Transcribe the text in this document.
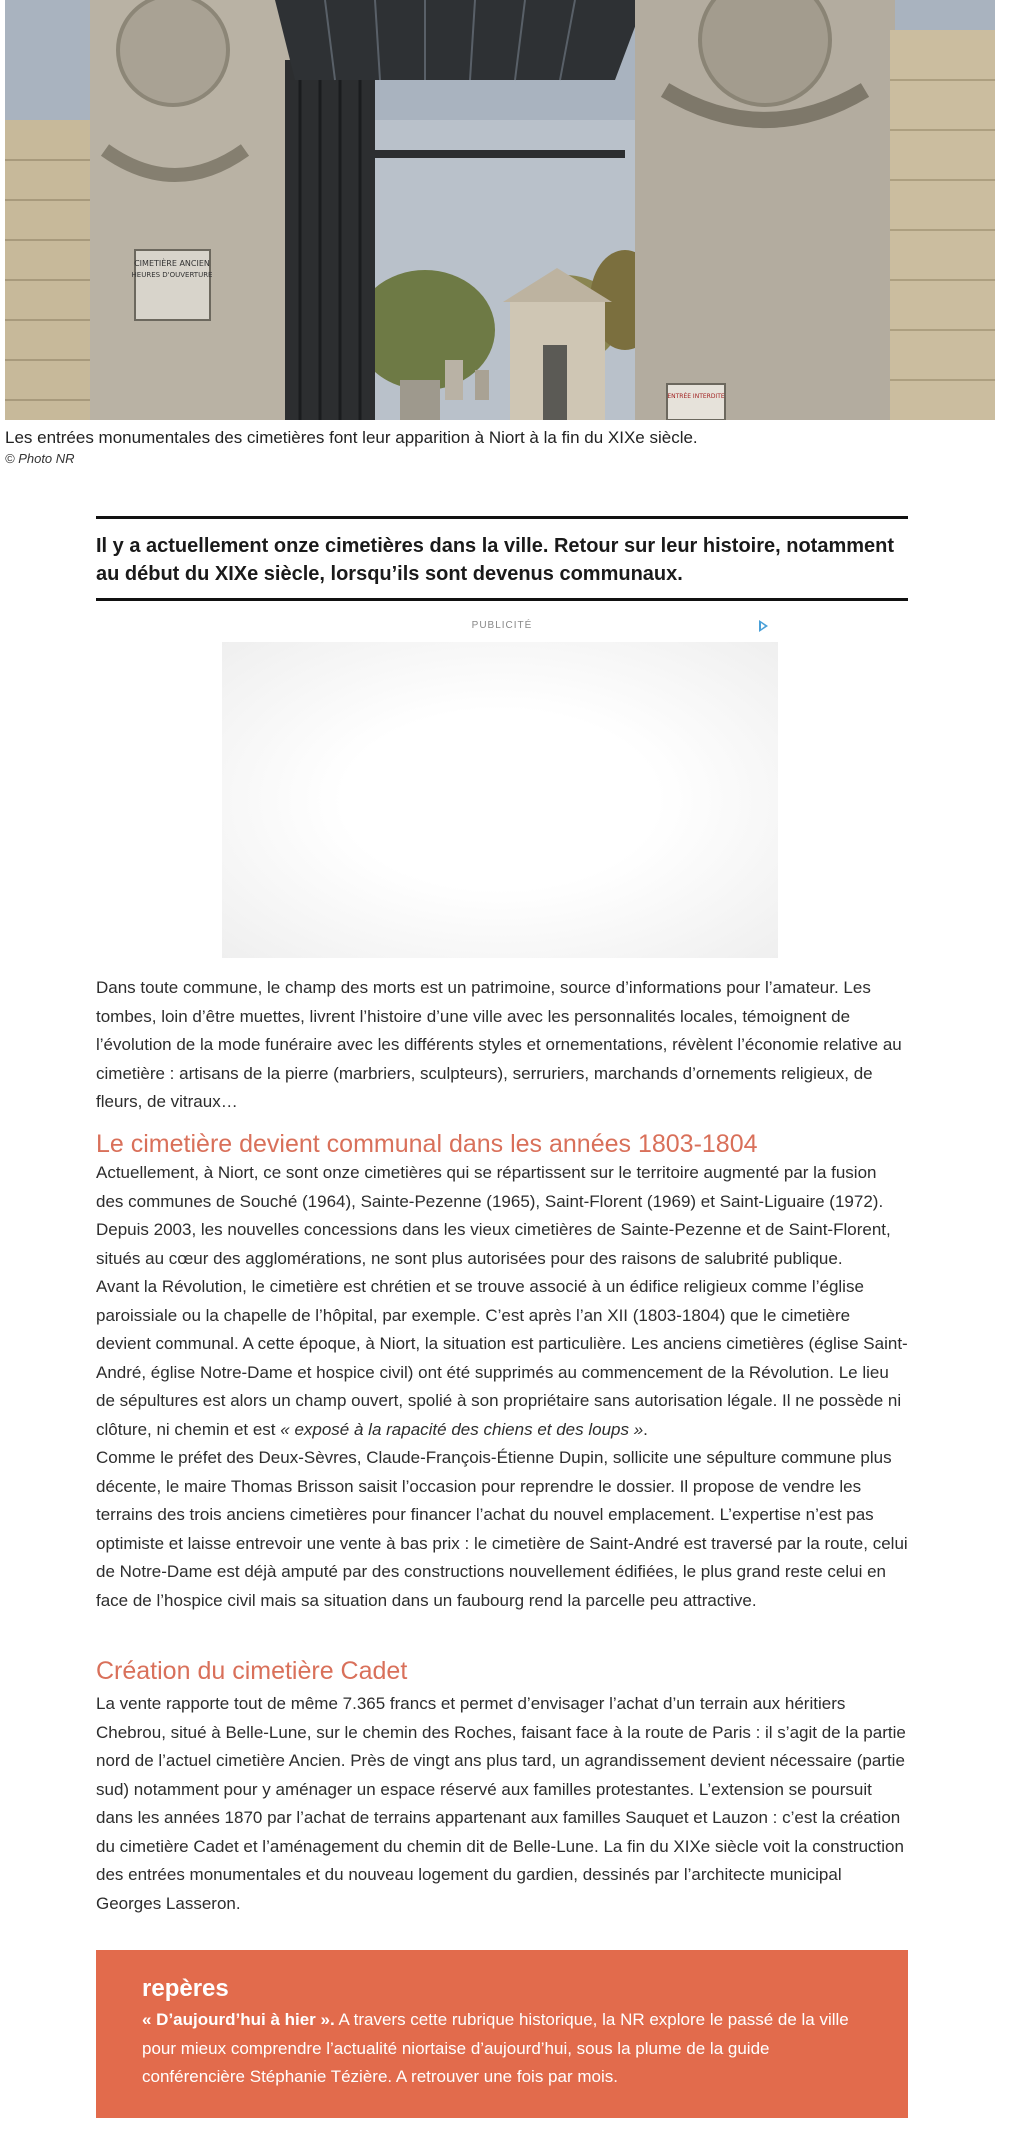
CIMETIÈRE ANCIEN
HEURES D'OUVERTURE
ENTRÉE INTERDITE
Les entrées monumentales des cimetières font leur apparition à Niort à la fin du XIXe siècle.
© Photo NR

Il y a actuellement onze cimetières dans la ville. Retour sur leur histoire, notamment au début du XIXe siècle, lorsqu’ils sont devenus communaux.

PUBLICITÉ

Dans toute commune, le champ des morts est un patrimoine, source d’informations pour l’amateur. Les tombes, loin d’être muettes, livrent l’histoire d’une ville avec les personnalités locales, témoignent de l’évolution de la mode funéraire avec les différents styles et ornementations, révèlent l’économie relative au cimetière : artisans de la pierre (marbriers, sculpteurs), serruriers, marchands d’ornements religieux, de fleurs, de vitraux…

Le cimetière devient communal dans les années 1803-1804

Actuellement, à Niort, ce sont onze cimetières qui se répartissent sur le territoire augmenté par la fusion des communes de Souché (1964), Sainte-Pezenne (1965), Saint-Florent (1969) et Saint-Liguaire (1972). Depuis 2003, les nouvelles concessions dans les vieux cimetières de Sainte-Pezenne et de Saint-Florent, situés au cœur des agglomérations, ne sont plus autorisées pour des raisons de salubrité publique.

Avant la Révolution, le cimetière est chrétien et se trouve associé à un édifice religieux comme l’église paroissiale ou la chapelle de l’hôpital, par exemple. C’est après l’an XII (1803-1804) que le cimetière devient communal. A cette époque, à Niort, la situation est particulière. Les anciens cimetières (église Saint-André, église Notre-Dame et hospice civil) ont été supprimés au commencement de la Révolution. Le lieu de sépultures est alors un champ ouvert, spolié à son propriétaire sans autorisation légale. Il ne possède ni clôture, ni chemin et est « exposé à la rapacité des chiens et des loups ».

Comme le préfet des Deux-Sèvres, Claude-François-Étienne Dupin, sollicite une sépulture commune plus décente, le maire Thomas Brisson saisit l’occasion pour reprendre le dossier. Il propose de vendre les terrains des trois anciens cimetières pour financer l’achat du nouvel emplacement. L’expertise n’est pas optimiste et laisse entrevoir une vente à bas prix : le cimetière de Saint-André est traversé par la route, celui de Notre-Dame est déjà amputé par des constructions nouvellement édifiées, le plus grand reste celui en face de l’hospice civil mais sa situation dans un faubourg rend la parcelle peu attractive.

Création du cimetière Cadet

La vente rapporte tout de même 7.365 francs et permet d’envisager l’achat d’un terrain aux héritiers Chebrou, situé à Belle-Lune, sur le chemin des Roches, faisant face à la route de Paris : il s’agit de la partie nord de l’actuel cimetière Ancien. Près de vingt ans plus tard, un agrandissement devient nécessaire (partie sud) notamment pour y aménager un espace réservé aux familles protestantes. L’extension se poursuit dans les années 1870 par l’achat de terrains appartenant aux familles Sauquet et Lauzon : c’est la création du cimetière Cadet et l’aménagement du chemin dit de Belle-Lune. La fin du XIXe siècle voit la construction des entrées monumentales et du nouveau logement du gardien, dessinés par l’architecte municipal Georges Lasseron.

repères

« D’aujourd’hui à hier ». A travers cette rubrique historique, la NR explore le passé de la ville pour mieux comprendre l’actualité niortaise d’aujourd’hui, sous la plume de la guide conférencière Stéphanie Tézière. A retrouver une fois par mois.
